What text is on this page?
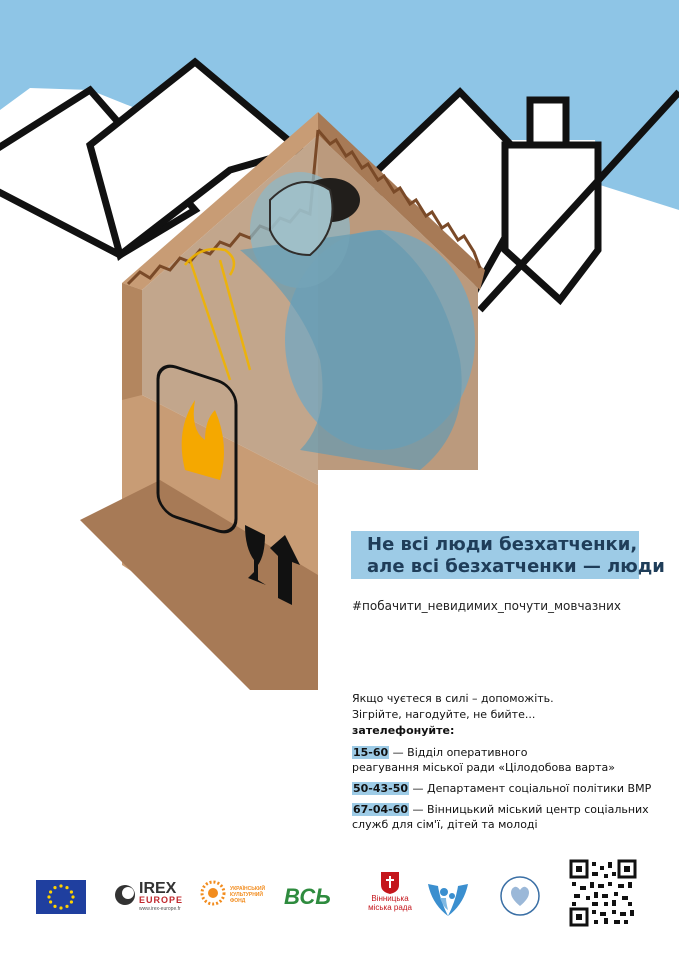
Не всі люди безхатченки,
але всі безхатченки — люди
#побачити_невидимих_почути_мовчазних
Якщо чуєтеся в силі – допоможіть.
Зігрійте, нагодуйте, не бийте...
зателефонуйте:
15-60 — Відділ оперативного
реагування міської ради «Цілодобова варта»
50-43-50 — Департамент соціальної політики ВМР
67-04-60 — Вінницький міський центр соціальних
служб для сім'ї, дітей та молоді
IREX
EUROPE
www.irex-europe.fr
УКРАЇНСЬКИЙ КУЛЬТУРНИЙ ФОНД	ВСЬ	Вінницька
міська рада
